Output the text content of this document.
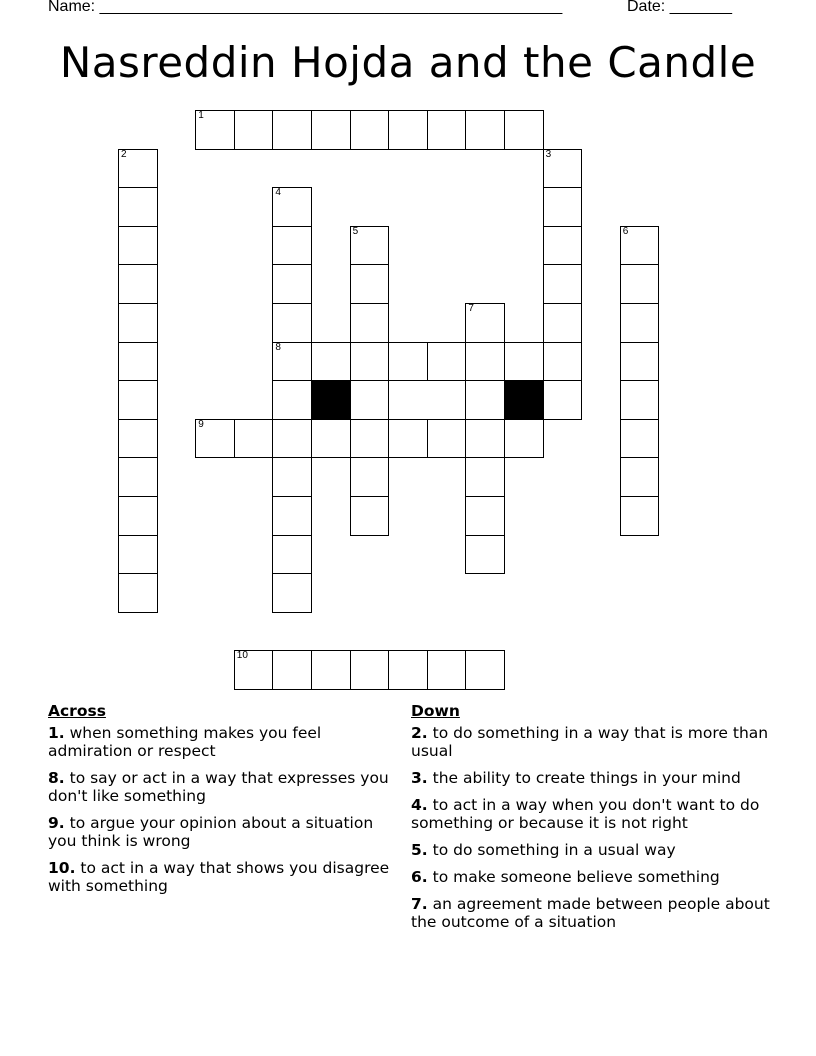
Name: ____________________________________________________	Date: _______
Nasreddin Hojda and the Candle
1
2	3
4
8
5	6
7
9
10
Across
1. when something makes you feel admiration or respect
8. to say or act in a way that expresses you don't like something
9. to argue your opinion about a situation you think is wrong
10. to act in a way that shows you disagree with something
Down
2. to do something in a way that is more than usual
3. the ability to create things in your mind
4. to act in a way when you don't want to do something or because it is not right
5. to do something in a usual way
6. to make someone believe something
7. an agreement made between people about the outcome of a situation
